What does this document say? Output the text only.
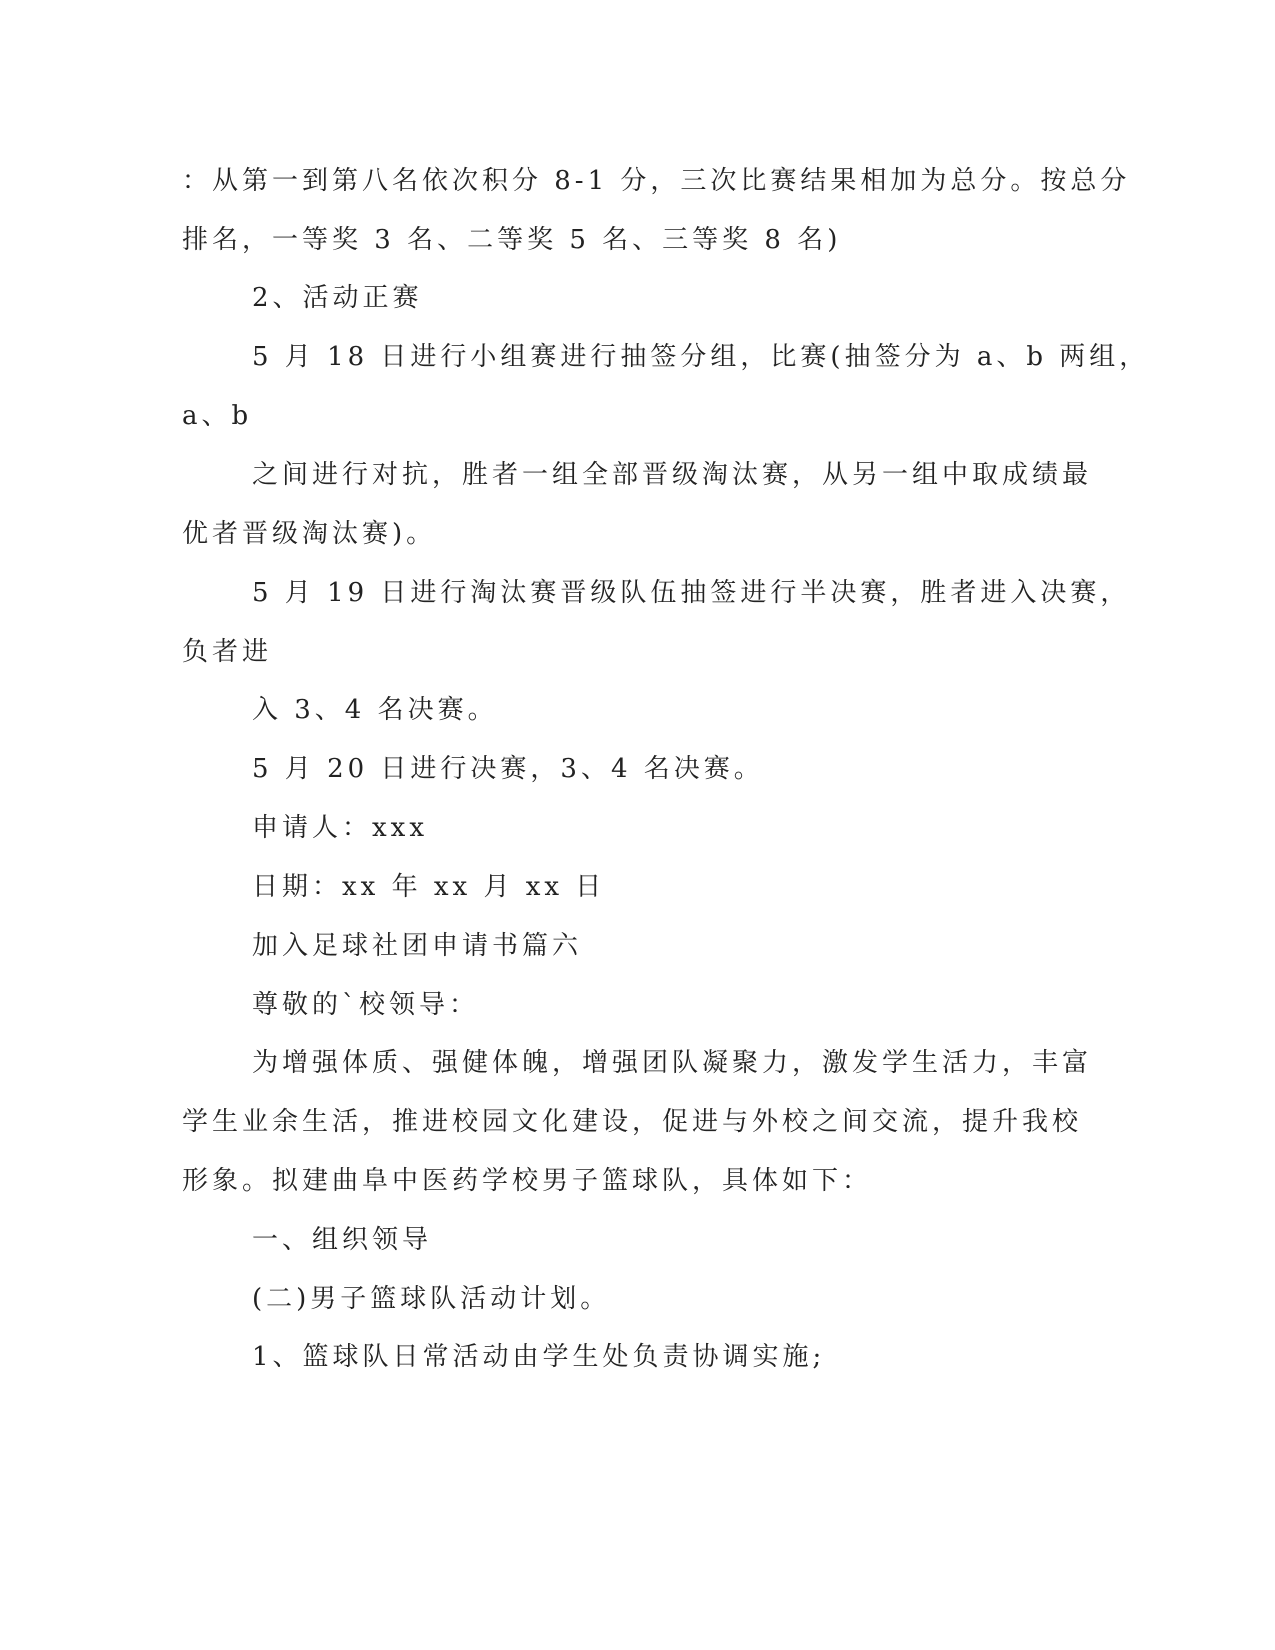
：从第一到第八名依次积分 8-1 分，三次比赛结果相加为总分。按总分

排名，一等奖 3 名、二等奖 5 名、三等奖 8 名)

2、活动正赛

5 月 18 日进行小组赛进行抽签分组，比赛(抽签分为 a、b 两组，

a、b

之间进行对抗，胜者一组全部晋级淘汰赛，从另一组中取成绩最

优者晋级淘汰赛)。

5 月 19 日进行淘汰赛晋级队伍抽签进行半决赛，胜者进入决赛，

负者进

入 3、4 名决赛。

5 月 20 日进行决赛，3、4 名决赛。

申请人：xxx

日期：xx 年 xx 月 xx 日

加入足球社团申请书篇六

尊敬的`校领导：

为增强体质、强健体魄，增强团队凝聚力，激发学生活力，丰富

学生业余生活，推进校园文化建设，促进与外校之间交流，提升我校

形象。拟建曲阜中医药学校男子篮球队，具体如下：

一、组织领导

(二)男子篮球队活动计划。

1、篮球队日常活动由学生处负责协调实施;
